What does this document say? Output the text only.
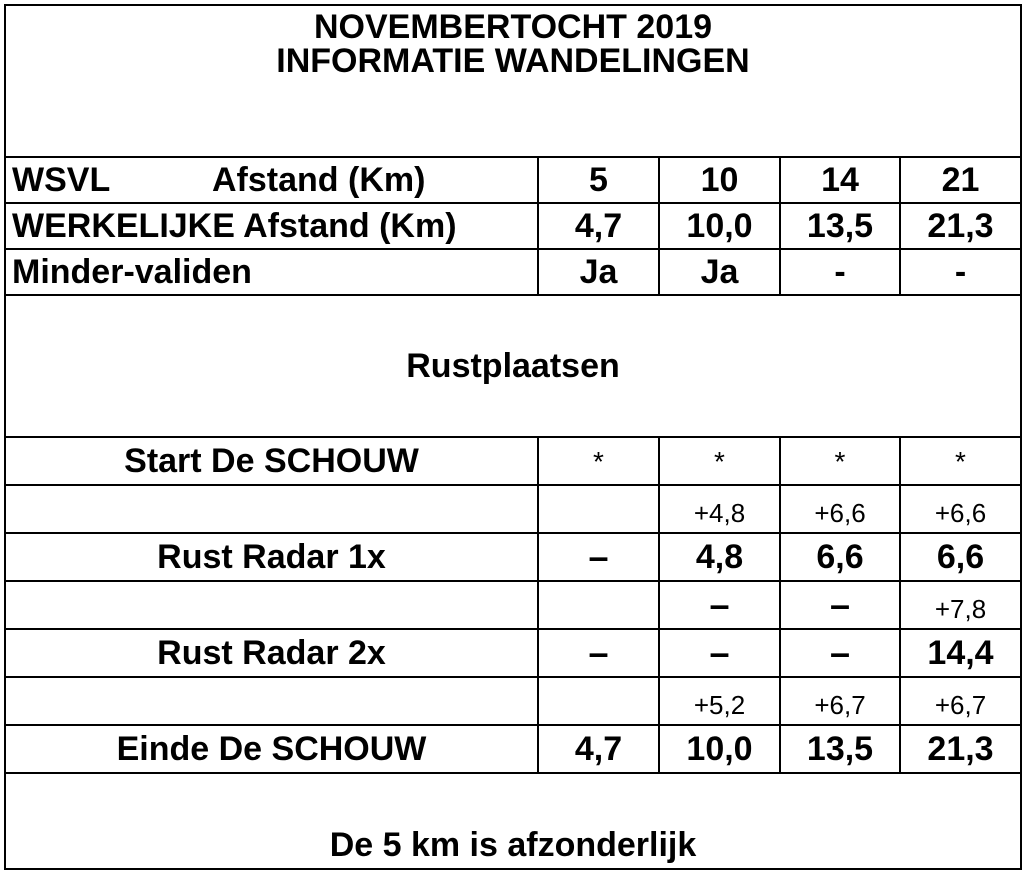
NOVEMBERTOCHT 2019
INFORMATIE WANDELINGEN				

WSVL Afstand (Km)	5	10	14	21
WERKELIJKE Afstand (Km)	4,7	10,0	13,5	21,3
Minder-validen	Ja	Ja	-	-
Rustplaatsen				
Start De SCHOUW	*	*	*	*
		+4,8	+6,6	+6,6
Rust Radar 1x	–	4,8	6,6	6,6
		–	–	+7,8
Rust Radar 2x	–	–	–	14,4
		+5,2	+6,7	+6,7
Einde De SCHOUW	4,7	10,0	13,5	21,3
De 5 km is afzonderlijk				
